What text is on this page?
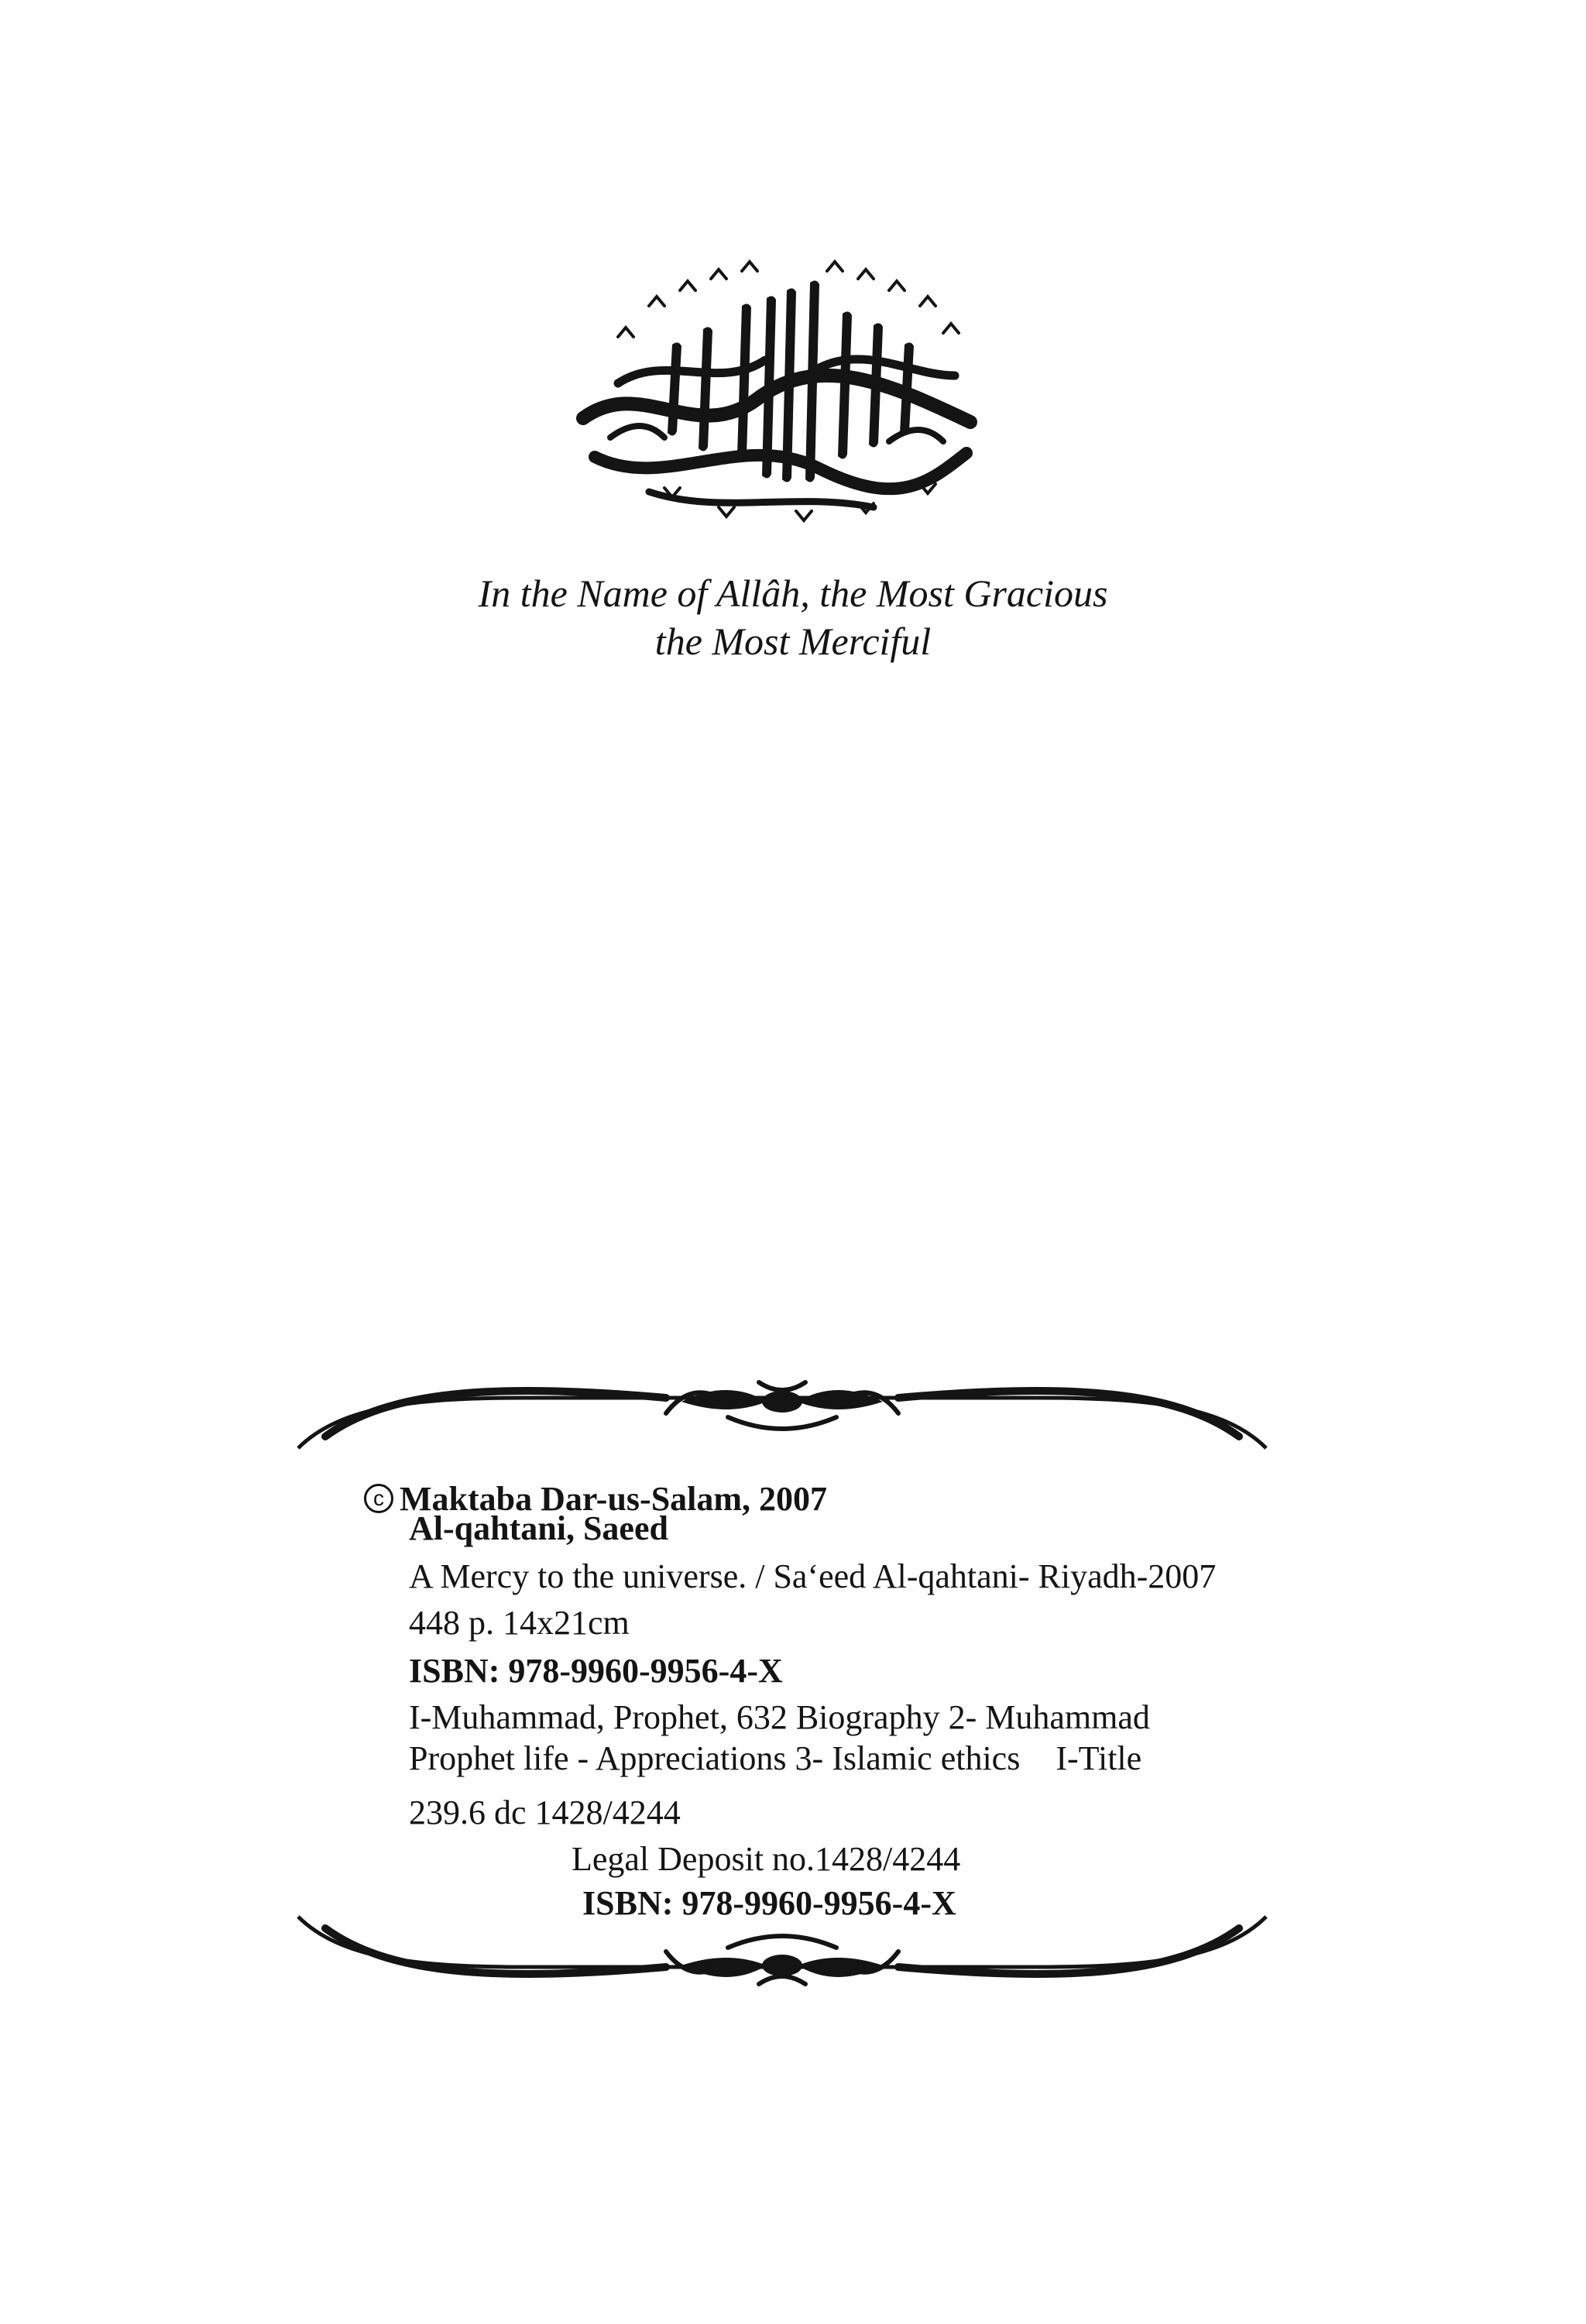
In the Name of Allâh, the Most Gracious
the Most Merciful
c Maktaba Dar-us-Salam, 2007
Al-qahtani, Saeed
A Mercy to the universe. / Sa‘eed Al-qahtani- Riyadh-2007
448 p. 14x21cm
ISBN: 978-9960-9956-4-X
I-Muhammad, Prophet, 632 Biography 2- Muhammad
Prophet life - Appreciations 3- Islamic ethics I-Title
239.6 dc 1428/4244
Legal Deposit no.1428/4244
ISBN: 978-9960-9956-4-X
